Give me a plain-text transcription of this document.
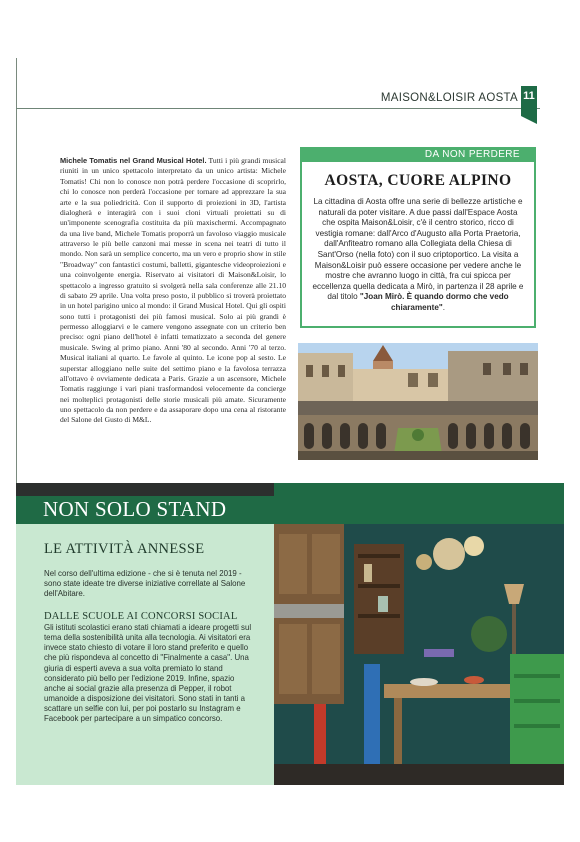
MAISON&LOISIR AOSTA 11
Michele Tomatis nel Grand Musical Hotel. Tutti i più grandi musical riuniti in un unico spettacolo interpretato da un unico artista: Michele Tomatis! Chi non lo conosce non potrà perdere l'occasione di scoprirlo, chi lo conosce non perderà l'occasione per tornare ad apprezzare la sua arte e la sua poliedricità. Con il supporto di proiezioni in 3D, l'artista dialogherà e interagirà con i suoi cloni virtuali proiettati su di un'imponente scenografia costituita da più maxischermi. Accompagnato da una live band, Michele Tomatis proporrà un favoloso viaggio musicale attraverso le più belle canzoni mai messe in scena nei teatri di tutto il mondo. Non sarà un semplice concerto, ma un vero e proprio show in stile "Broadway" con fantastici costumi, balletti, gigantesche videoproiezioni e una coinvolgente energia. Riservato ai visitatori di Maison&Loisir, lo spettacolo a ingresso gratuito si svolgerà nella sala conferenze alle 21.10 di sabato 29 aprile. Una volta preso posto, il pubblico si troverà proiettato in un hotel parigino unico al mondo: il Grand Musical Hotel. Qui gli ospiti sono tutti i protagonisti dei più famosi musical. Solo ai più grandi è permesso alloggiarvi e le camere vengono assegnate con un criterio ben preciso: ogni piano dell'hotel è infatti tematizzato a seconda del genere musicale. Swing al primo piano. Anni '80 al secondo. Anni '70 al terzo. Musical italiani al quarto. Le favole al quinto. Le icone pop al sesto. Le superstar alloggiano nelle suite del settimo piano e la favolosa terrazza all'ottavo è ovviamente dedicata a Paris. Grazie a un ascensore, Michele Tomatis raggiunge i vari piani trasformandosi velocemente da concierge nei molteplici protagonisti delle storie musicali più amate. Sicuramente uno spettacolo da non perdere e da assaporare dopo una cena al ristorante del Salone del Gusto di M&L.
DA NON PERDERE
AOSTA, CUORE ALPINO
La cittadina di Aosta offre una serie di bellezze artistiche e naturali da poter visitare. A due passi dall'Espace Aosta che ospita Maison&Loisir, c'è il centro storico, ricco di vestigia romane: dall'Arco d'Augusto alla Porta Praetoria, dall'Anfiteatro romano alla Collegiata della Chiesa di Sant'Orso (nella foto) con il suo criptoportico. La visita a Maison&Loisir può essere occasione per vedere anche le mostre che avranno luogo in città, fra cui spicca per eccellenza quella dedicata a Mirò, in partenza il 28 aprile e dal titolo "Joan Mirò. È quando dormo che vedo chiaramente".
NON SOLO STAND
LE ATTIVITÀ ANNESSE
Nel corso dell'ultima edizione - che si è tenuta nel 2019 - sono state ideate tre diverse iniziative correllate al Salone dell'Abitare.
DALLE SCUOLE AI CONCORSI SOCIAL
Gli istituti scolastici erano stati chiamati a ideare progetti sul tema della sostenibilità unita alla tecnologia. Ai visitatori era invece stato chiesto di votare il loro stand preferito e quello che più rispondeva al concetto di "Finalmente a casa". Una giuria di esperti aveva a sua volta premiato lo stand considerato più bello per l'edizione 2019. Infine, spazio anche ai social grazie alla presenza di Pepper, il robot umanoide a disposizione dei visitatori. Sono stati in tanti a scattare un selfie con lui, per poi postarlo su Instagram e Facebook per partecipare a un simpatico concorso.
